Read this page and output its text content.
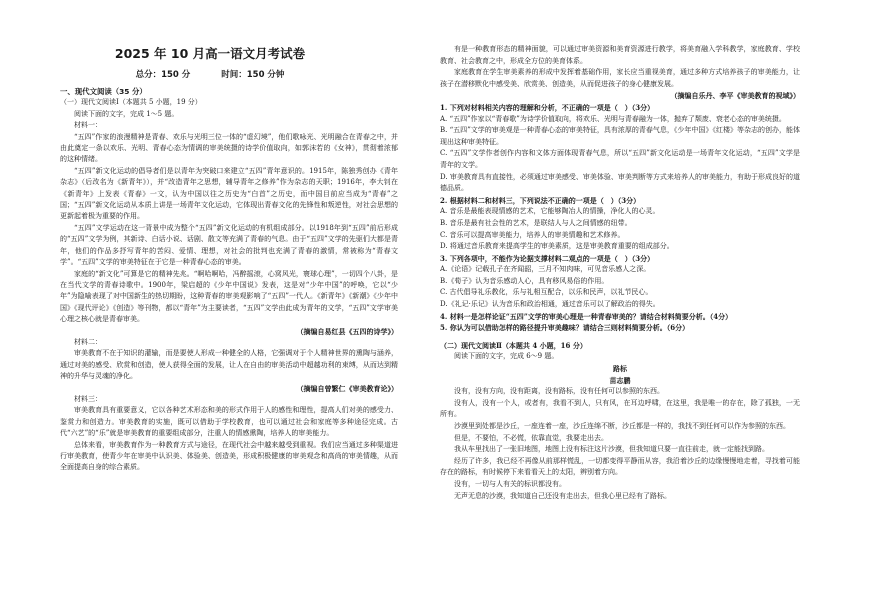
2025 年 10 月高一语文月考试卷
总分：150 分	时间：150 分钟
一、现代文阅读（35 分）
（一）现代文阅读Ⅰ（本题共 5 小题，19 分）
阅读下面的文字，完成 1～5 题。
材料一：
“五四”作家的浪漫精神是青春、欢乐与光明三位一体的“虚幻境”，他们歌咏光、光明融合在青春之中，并由此奠定一条以欢乐、光明、青春心态为情调的审美统摄的诗学价值取向，如郭沫若的《女神》，贯彻着浓郁的这种情绪。
“五四”新文化运动的倡导者们是以青年为突破口来建立“五四”青年意识的。1915年，陈独秀创办《青年杂志》（后改名为《新青年》），并“改造青年之思想，辅导青年之修养”作为杂志的天职；1916年，李大钊在《新青年》上发表《青春》一文，认为中国以往之历史为“白首”之历史，而中国目前应当成为“青春”之国；“五四”新文化运动从本质上讲是一场青年文化运动，它体现出青春文化的先锋性和叛逆性，对社会思想的更新起着极为重要的作用。
“五四”文学运动在这一背景中成为整个“五四”新文化运动的有机组成部分。以1918年到“五四”前后形成的“五四”文学为例，其新诗、白话小说、话剧、散文等充满了青春的气息。由于“五四”文学的先驱们大都是青年，他们的作品多抒写青年的苦闷、爱情、理想，对社会的批判也充满了青春的激情，常被称为“青春文学”。“五四”文学的审美特征在于它是一种青春心态的审美。
家庭的“新文化”可算是它的精神先兆。“啊哈啊哈，冯醉摇滚，心窝风光，寰球心理”，一切四个八卦，是在当代文学的青春诗歌中。1900年，梁启超的《少年中国说》发表，这是对“少年中国”的呼唤，它以“少年”为隐喻表现了对中国新生的热切期盼，这种青春的审美观影响了“五四”一代人。《新青年》《新潮》《少年中国》《现代评论》《创造》等刊物，都以“青年”为主要读者，“五四”文学由此成为青年的文学，“五四”文学审美心理之核心就是青春审美。
（摘编自易红县《五四的诗学》）
材料二：
审美教育不在于知识的灌输，而是要使人形成一种健全的人格，它强调对于个人精神世界的熏陶与涵养，通过对美的感受、欣赏和创造，使人获得全面的发展，让人在自由的审美活动中超越功利的束缚，从而达到精神的升华与灵魂的净化。
（摘编自曾繁仁《审美教育论》）
材料三：
审美教育具有重要意义，它以各种艺术形态和美的形式作用于人的感性和理性，提高人们对美的感受力、鉴赏力和创造力。审美教育的实施，既可以借助于学校教育，也可以通过社会和家庭等多种途径完成。古代“六艺”的“乐”就是审美教育的重要组成部分，注重人的情感熏陶，培养人的审美能力。
总体来看，审美教育作为一种教育方式与途径，在现代社会中越来越受到重视。我们应当通过多种渠道进行审美教育，使青少年在审美中认识美、体验美、创造美，形成积极健康的审美观念和高尚的审美情趣，从而全面提高自身的综合素质。
有是一种教育形态的精神面貌，可以通过审美资源和美育资源进行教学，将美育融入学科教学，家庭教育、学校教育、社会教育之中，形成全方位的美育体系。
家庭教育在学生审美素养的形成中发挥着基础作用，家长应当重视美育，通过多种方式培养孩子的审美能力，让孩子在潜移默化中感受美、欣赏美、创造美，从而促进孩子的身心健康发展。
（摘编自乐丹、李平《审美教育的视域》）
1. 下列对材料相关内容的理解和分析，不正确的一项是（　）（3分）
A. “五四”作家以“青春歌”为诗学价值取向，将欢乐、光明与青春融为一体，抛弃了颓废、衰老心态的审美统摄。
B. “五四”文学的审美观是一种青春心态的审美特征，具有浓厚的青春气息，《少年中国》《红楼》等杂志的创办，能体现出这种审美特征。
C. “五四”文学作者创作内容和文体方面体现青春气息，所以“五四”新文化运动是一场青年文化运动，“五四”文学是青年的文学。
D. 审美教育具有直接性，必须通过审美感受、审美体验、审美判断等方式来培养人的审美能力，有助于形成良好的道德品质。
2. 根据材料二和材料三，下列说法不正确的一项是（　）（3分）
A. 音乐是最能表现情感的艺术，它能够陶冶人的情操，净化人的心灵。
B. 音乐是最有社会性的艺术，是联结人与人之间情感的纽带。
C. 音乐可以提高审美能力，培养人的审美情趣和艺术修养。
D. 将通过音乐教育来提高学生的审美素质，这是审美教育重要的组成部分。
3. 下列各项中，不能作为论据支撑材料二观点的一项是（　）（3分）
A.《论语》记载孔子在齐闻韶，三月不知肉味，可见音乐感人之深。
B.《荀子》认为音乐感动人心，具有移风易俗的作用。
C. 古代倡导礼乐教化，乐与礼相互配合，以乐和民声，以礼节民心。
D.《礼记·乐记》认为音乐和政治相通，通过音乐可以了解政治的得失。
4. 材料一是怎样论证“五四”文学的审美心理是一种青春审美的？请结合材料简要分析。（4分）
5. 你认为可以借助怎样的路径提升审美趣味？请结合三则材料简要分析。（6分）
（二）现代文阅读Ⅱ（本题共 4 小题，16 分）
阅读下面的文字，完成 6～9 题。
路标
苗志鹏
没有，没有方向，没有距离，没有路标，没有任何可以参照的东西。
没有人，没有一个人，或者有，我看不到人，只有风，在耳边呼啸，在这里，我是唯一的存在，除了孤独，一无所有。
沙漠里到处都是沙丘，一座连着一座，沙丘连绵不断，沙丘都是一样的，我找不到任何可以作为参照的东西。
但是，不要怕，不必慌，依靠直觉，我要走出去。
我从车里找出了一张旧地图，地图上没有标注这片沙漠，但我知道只要一直往前走，就一定能找到路。
经历了许多，我已经不再像从前那样慌乱，一切都变得平静而从容，我沿着沙丘的边缘慢慢地走着，寻找着可能存在的路标，有时候停下来看看天上的太阳，辨别着方向。
没有，一切与人有关的标识都没有。
无声无息的沙漠，我知道自己还没有走出去，但我心里已经有了路标。
